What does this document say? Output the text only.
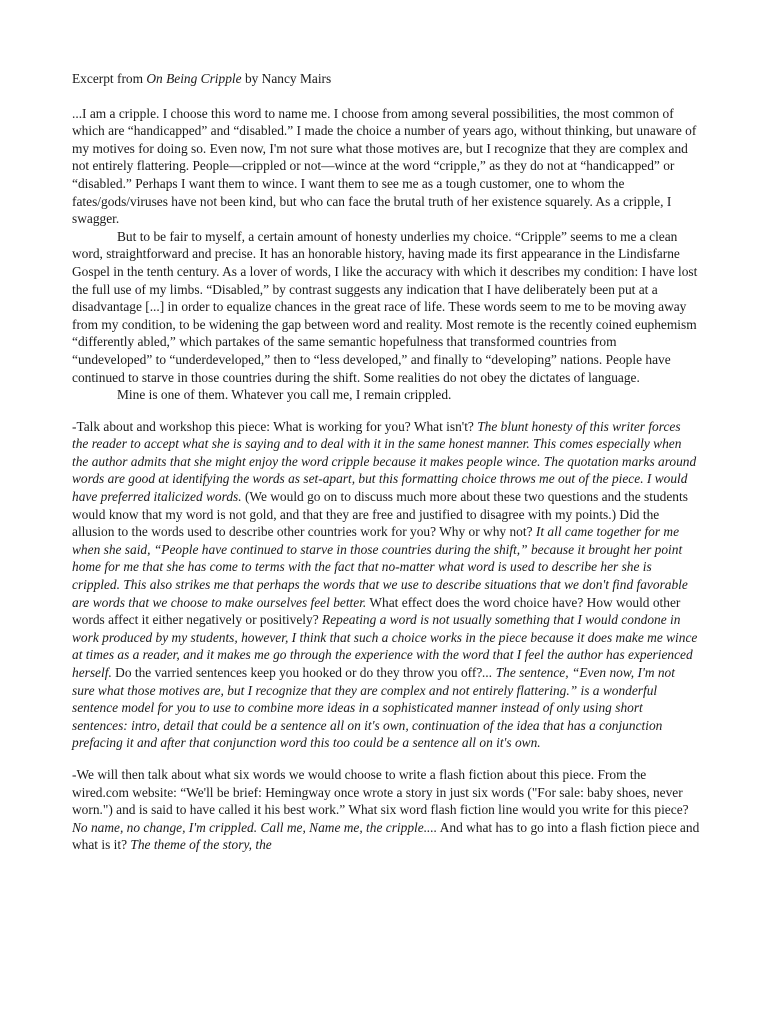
Excerpt from On Being Cripple by Nancy Mairs

...I am a cripple. I choose this word to name me. I choose from among several possibilities, the most common of which are “handicapped” and “disabled.” I made the choice a number of years ago, without thinking, but unaware of my motives for doing so. Even now, I'm not sure what those motives are, but I recognize that they are complex and not entirely flattering. People—crippled or not—wince at the word “cripple,” as they do not at “handicapped” or “disabled.” Perhaps I want them to wince. I want them to see me as a tough customer, one to whom the fates/gods/viruses have not been kind, but who can face the brutal truth of her existence squarely. As a cripple, I swagger.

But to be fair to myself, a certain amount of honesty underlies my choice. “Cripple” seems to me a clean word, straightforward and precise. It has an honorable history, having made its first appearance in the Lindisfarne Gospel in the tenth century. As a lover of words, I like the accuracy with which it describes my condition: I have lost the full use of my limbs. “Disabled,” by contrast suggests any indication that I have deliberately been put at a disadvantage [...] in order to equalize chances in the great race of life. These words seem to me to be moving away from my condition, to be widening the gap between word and reality. Most remote is the recently coined euphemism “differently abled,” which partakes of the same semantic hopefulness that transformed countries from “undeveloped” to “underdeveloped,” then to “less developed,” and finally to “developing” nations. People have continued to starve in those countries during the shift. Some realities do not obey the dictates of language.

Mine is one of them. Whatever you call me, I remain crippled.

-Talk about and workshop this piece: What is working for you? What isn't? The blunt honesty of this writer forces the reader to accept what she is saying and to deal with it in the same honest manner. This comes especially when the author admits that she might enjoy the word cripple because it makes people wince. The quotation marks around words are good at identifying the words as set-apart, but this formatting choice throws me out of the piece. I would have preferred italicized words. (We would go on to discuss much more about these two questions and the students would know that my word is not gold, and that they are free and justified to disagree with my points.) Did the allusion to the words used to describe other countries work for you? Why or why not? It all came together for me when she said, “People have continued to starve in those countries during the shift,” because it brought her point home for me that she has come to terms with the fact that no-matter what word is used to describe her she is crippled. This also strikes me that perhaps the words that we use to describe situations that we don't find favorable are words that we choose to make ourselves feel better. What effect does the word choice have? How would other words affect it either negatively or positively? Repeating a word is not usually something that I would condone in work produced by my students, however, I think that such a choice works in the piece because it does make me wince at times as a reader, and it makes me go through the experience with the word that I feel the author has experienced herself. Do the varried sentences keep you hooked or do they throw you off?... The sentence, “Even now, I'm not sure what those motives are, but I recognize that they are complex and not entirely flattering.” is a wonderful sentence model for you to use to combine more ideas in a sophisticated manner instead of only using short sentences: intro, detail that could be a sentence all on it's own, continuation of the idea that has a conjunction prefacing it and after that conjunction word this too could be a sentence all on it's own.

-We will then talk about what six words we would choose to write a flash fiction about this piece. From the wired.com website: “We'll be brief: Hemingway once wrote a story in just six words ("For sale: baby shoes, never worn.") and is said to have called it his best work.” What six word flash fiction line would you write for this piece? No name, no change, I'm crippled. Call me, Name me, the cripple.... And what has to go into a flash fiction piece and what is it? The theme of the story, the
